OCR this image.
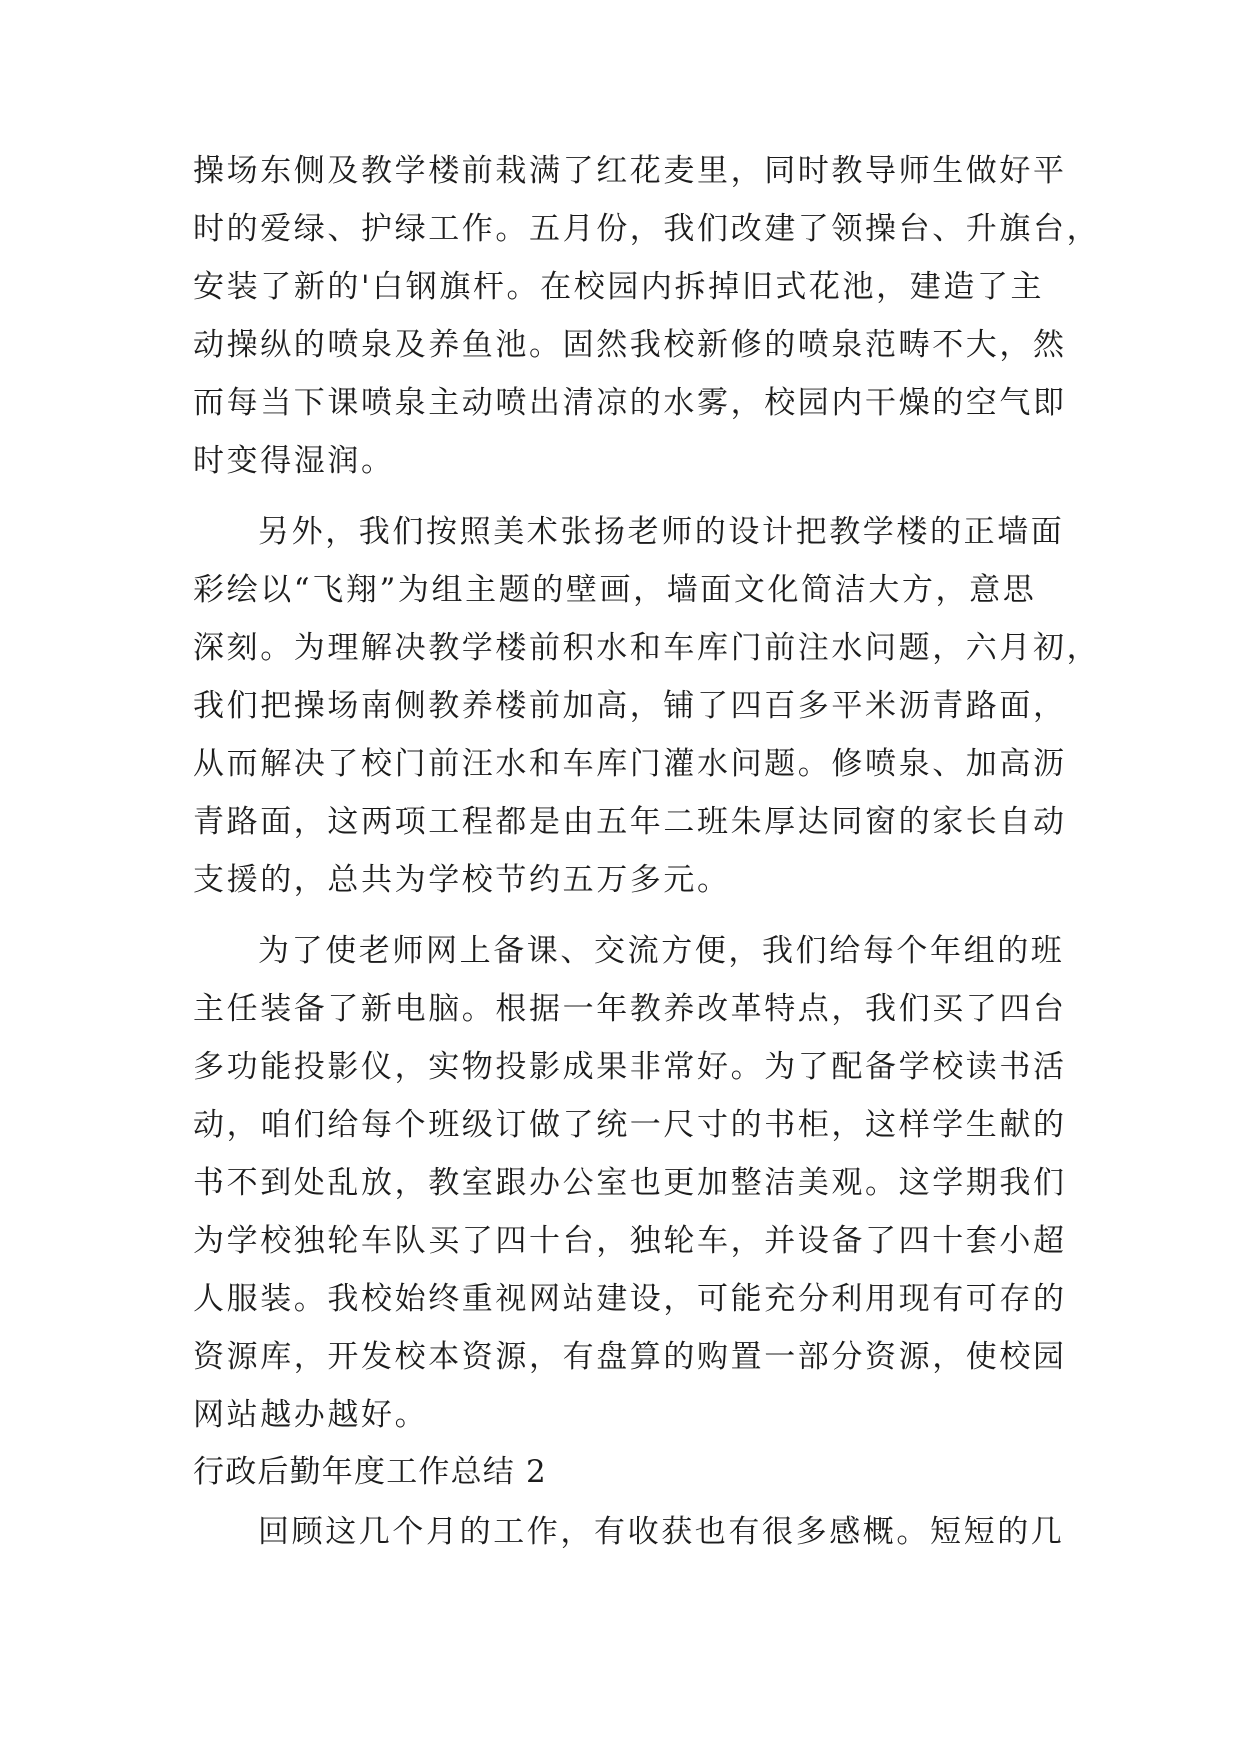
操场东侧及教学楼前栽满了红花麦里，同时教导师生做好平
时的爱绿、护绿工作。五月份，我们改建了领操台、升旗台，
安装了新的'白钢旗杆。在校园内拆掉旧式花池，建造了主
动操纵的喷泉及养鱼池。固然我校新修的喷泉范畴不大，然
而每当下课喷泉主动喷出清凉的水雾，校园内干燥的空气即
时变得湿润。
另外，我们按照美术张扬老师的设计把教学楼的正墙面
彩绘以“飞翔”为组主题的壁画，墙面文化简洁大方，意思
深刻。为理解决教学楼前积水和车库门前注水问题，六月初，
我们把操场南侧教养楼前加高，铺了四百多平米沥青路面，
从而解决了校门前汪水和车库门灌水问题。修喷泉、加高沥
青路面，这两项工程都是由五年二班朱厚达同窗的家长自动
支援的，总共为学校节约五万多元。
为了使老师网上备课、交流方便，我们给每个年组的班
主任装备了新电脑。根据一年教养改革特点，我们买了四台
多功能投影仪，实物投影成果非常好。为了配备学校读书活
动，咱们给每个班级订做了统一尺寸的书柜，这样学生献的
书不到处乱放，教室跟办公室也更加整洁美观。这学期我们
为学校独轮车队买了四十台，独轮车，并设备了四十套小超
人服装。我校始终重视网站建设，可能充分利用现有可存的
资源库，开发校本资源，有盘算的购置一部分资源，使校园
网站越办越好。
行政后勤年度工作总结 2
回顾这几个月的工作，有收获也有很多感概。短短的几
